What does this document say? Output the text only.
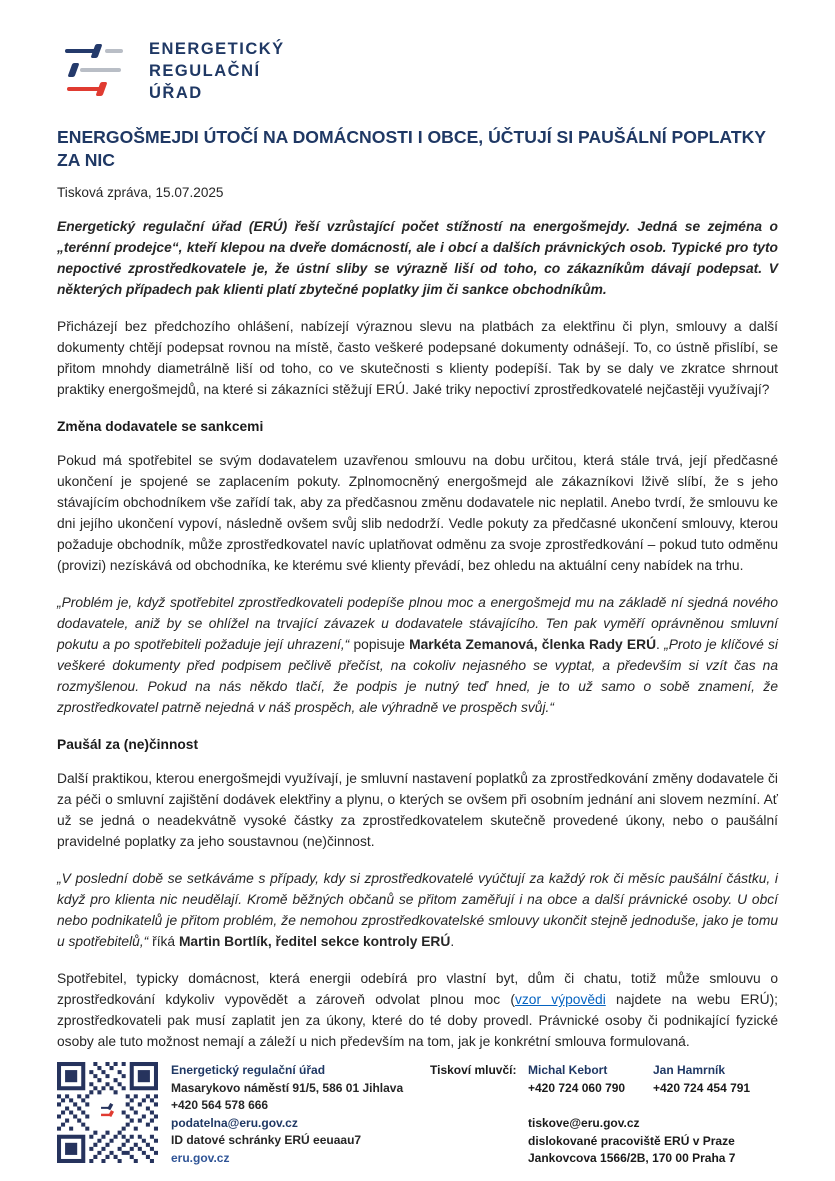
ENERGETICKÝ
REGULAČNÍ
ÚŘAD
ENERGOŠMEJDI ÚTOČÍ NA DOMÁCNOSTI I OBCE, ÚČTUJÍ SI PAUŠÁLNÍ POPLATKY ZA NIC
Tisková zpráva, 15.07.2025

Energetický regulační úřad (ERÚ) řeší vzrůstající počet stížností na energošmejdy. Jedná se zejména o „terénní prodejce“, kteří klepou na dveře domácností, ale i obcí a dalších právnických osob. Typické pro tyto nepoctivé zprostředkovatele je, že ústní sliby se výrazně liší od toho, co zákazníkům dávají podepsat. V některých případech pak klienti platí zbytečné poplatky jim či sankce obchodníkům.

Přicházejí bez předchozího ohlášení, nabízejí výraznou slevu na platbách za elektřinu či plyn, smlouvy a další dokumenty chtějí podepsat rovnou na místě, často veškeré podepsané dokumenty odnášejí. To, co ústně přislíbí, se přitom mnohdy diametrálně liší od toho, co ve skutečnosti s klienty podepíší. Tak by se daly ve zkratce shrnout praktiky energošmejdů, na které si zákazníci stěžují ERÚ. Jaké triky nepoctiví zprostředkovatelé nejčastěji využívají?

Změna dodavatele se sankcemi

Pokud má spotřebitel se svým dodavatelem uzavřenou smlouvu na dobu určitou, která stále trvá, její předčasné ukončení je spojené se zaplacením pokuty. Zplnomocněný energošmejd ale zákazníkovi lživě slíbí, že s jeho stávajícím obchodníkem vše zařídí tak, aby za předčasnou změnu dodavatele nic neplatil. Anebo tvrdí, že smlouvu ke dni jejího ukončení vypoví, následně ovšem svůj slib nedodrží. Vedle pokuty za předčasné ukončení smlouvy, kterou požaduje obchodník, může zprostředkovatel navíc uplatňovat odměnu za svoje zprostředkování – pokud tuto odměnu (provizi) nezískává od obchodníka, ke kterému své klienty převádí, bez ohledu na aktuální ceny nabídek na trhu.

„Problém je, když spotřebitel zprostředkovateli podepíše plnou moc a energošmejd mu na základě ní sjedná nového dodavatele, aniž by se ohlížel na trvající závazek u dodavatele stávajícího. Ten pak vyměří oprávněnou smluvní pokutu a po spotřebiteli požaduje její uhrazení,“ popisuje Markéta Zemanová, členka Rady ERÚ. „Proto je klíčové si veškeré dokumenty před podpisem pečlivě přečíst, na cokoliv nejasného se vyptat, a především si vzít čas na rozmyšlenou. Pokud na nás někdo tlačí, že podpis je nutný teď hned, je to už samo o sobě znamení, že zprostředkovatel patrně nejedná v náš prospěch, ale výhradně ve prospěch svůj.“

Paušál za (ne)činnost

Další praktikou, kterou energošmejdi využívají, je smluvní nastavení poplatků za zprostředkování změny dodavatele či za péči o smluvní zajištění dodávek elektřiny a plynu, o kterých se ovšem při osobním jednání ani slovem nezmíní. Ať už se jedná o neadekvátně vysoké částky za zprostředkovatelem skutečně provedené úkony, nebo o paušální pravidelné poplatky za jeho soustavnou (ne)činnost.

„V poslední době se setkáváme s případy, kdy si zprostředkovatelé vyúčtují za každý rok či měsíc paušální částku, i když pro klienta nic neudělají. Kromě běžných občanů se přitom zaměřují i na obce a další právnické osoby. U obcí nebo podnikatelů je přitom problém, že nemohou zprostředkovatelské smlouvy ukončit stejně jednoduše, jako je tomu u spotřebitelů,“ říká Martin Bortlík, ředitel sekce kontroly ERÚ.

Spotřebitel, typicky domácnost, která energii odebírá pro vlastní byt, dům či chatu, totiž může smlouvu o zprostředkování kdykoliv vypovědět a zároveň odvolat plnou moc (vzor výpovědi najdete na webu ERÚ); zprostředkovateli pak musí zaplatit jen za úkony, které do té doby provedl. Právnické osoby či podnikající fyzické osoby ale tuto možnost nemají a záleží u nich především na tom, jak je konkrétní smlouva formulovaná.

Energetický regulační úřad
Masarykovo náměstí 91/5, 586 01 Jihlava
+420 564 578 666
podatelna@eru.gov.cz
ID datové schránky ERÚ eeuaau7
eru.gov.cz
Tiskoví mluvčí: Michal Kebort
+420 724 060 790
Jan Hamrník
+420 724 454 791
tiskove@eru.gov.cz
dislokované pracoviště ERÚ v Praze
Jankovcova 1566/2B, 170 00 Praha 7
